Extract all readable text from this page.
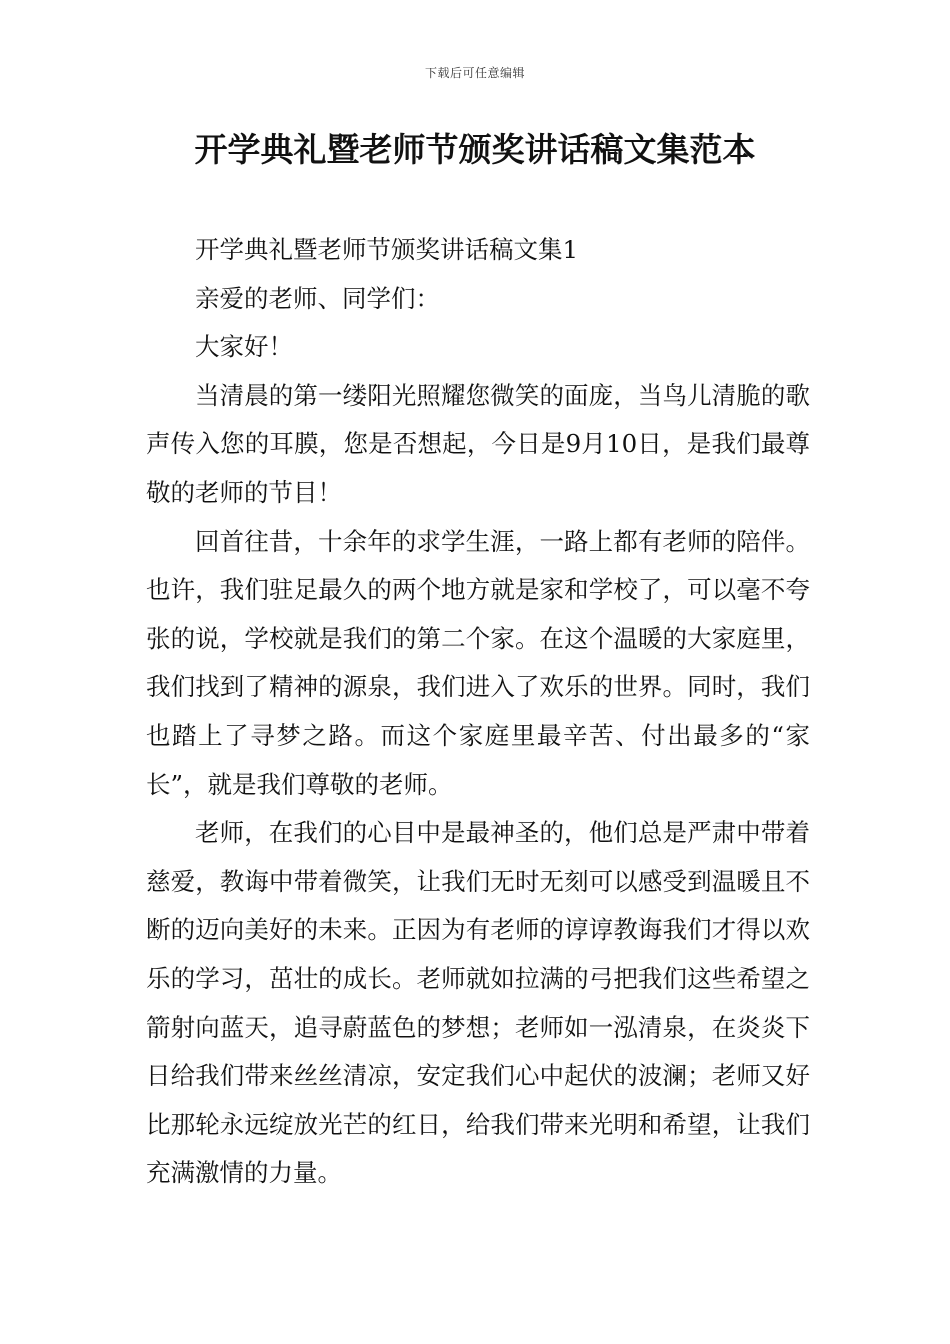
下载后可任意编辑
开学典礼暨老师节颁奖讲话稿文集范本

开学典礼暨老师节颁奖讲话稿文集1

亲爱的老师、同学们：

大家好！

当清晨的第一缕阳光照耀您微笑的面庞，当鸟儿清脆的歌声传入您的耳膜，您是否想起，今日是9月10日，是我们最尊敬的老师的节目！

回首往昔，十余年的求学生涯，一路上都有老师的陪伴。也许，我们驻足最久的两个地方就是家和学校了，可以毫不夸张的说，学校就是我们的第二个家。在这个温暖的大家庭里，我们找到了精神的源泉，我们进入了欢乐的世界。同时，我们也踏上了寻梦之路。而这个家庭里最辛苦、付出最多的“家长”，就是我们尊敬的老师。

老师，在我们的心目中是最神圣的，他们总是严肃中带着慈爱，教诲中带着微笑，让我们无时无刻可以感受到温暖且不断的迈向美好的未来。正因为有老师的谆谆教诲我们才得以欢乐的学习，茁壮的成长。老师就如拉满的弓把我们这些希望之箭射向蓝天，追寻蔚蓝色的梦想；老师如一泓清泉，在炎炎下日给我们带来丝丝清凉，安定我们心中起伏的波澜；老师又好比那轮永远绽放光芒的红日，给我们带来光明和希望，让我们充满激情的力量。
